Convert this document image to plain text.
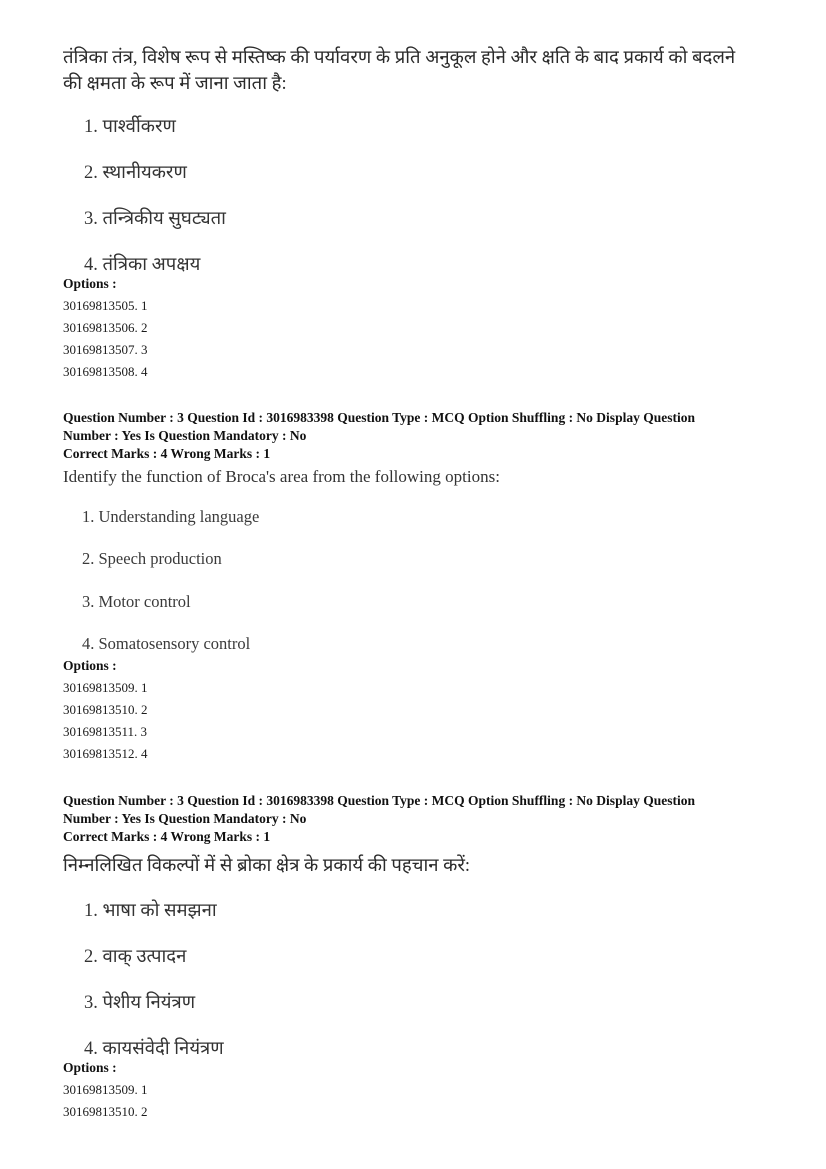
तंत्रिका तंत्र, विशेष रूप से मस्तिष्क की पर्यावरण के प्रति अनुकूल होने और क्षति के बाद प्रकार्य को बदलने
की क्षमता के रूप में जाना जाता है:
1. पार्श्वीकरण
2. स्थानीयकरण
3. तन्त्रिकीय सुघट्यता
4. तंत्रिका अपक्षय
Options :
30169813505. 1
30169813506. 2
30169813507. 3
30169813508. 4
Question Number : 3 Question Id : 3016983398 Question Type : MCQ Option Shuffling : No Display Question
Number : Yes Is Question Mandatory : No
Correct Marks : 4 Wrong Marks : 1
Identify the function of Broca's area from the following options:
1. Understanding language
2. Speech production
3. Motor control
4. Somatosensory control
Options :
30169813509. 1
30169813510. 2
30169813511. 3
30169813512. 4
Question Number : 3 Question Id : 3016983398 Question Type : MCQ Option Shuffling : No Display Question
Number : Yes Is Question Mandatory : No
Correct Marks : 4 Wrong Marks : 1
निम्नलिखित विकल्पों में से ब्रोका क्षेत्र के प्रकार्य की पहचान करें:
1. भाषा को समझना
2. वाक् उत्पादन
3. पेशीय नियंत्रण
4. कायसंवेदी नियंत्रण
Options :
30169813509. 1
30169813510. 2
